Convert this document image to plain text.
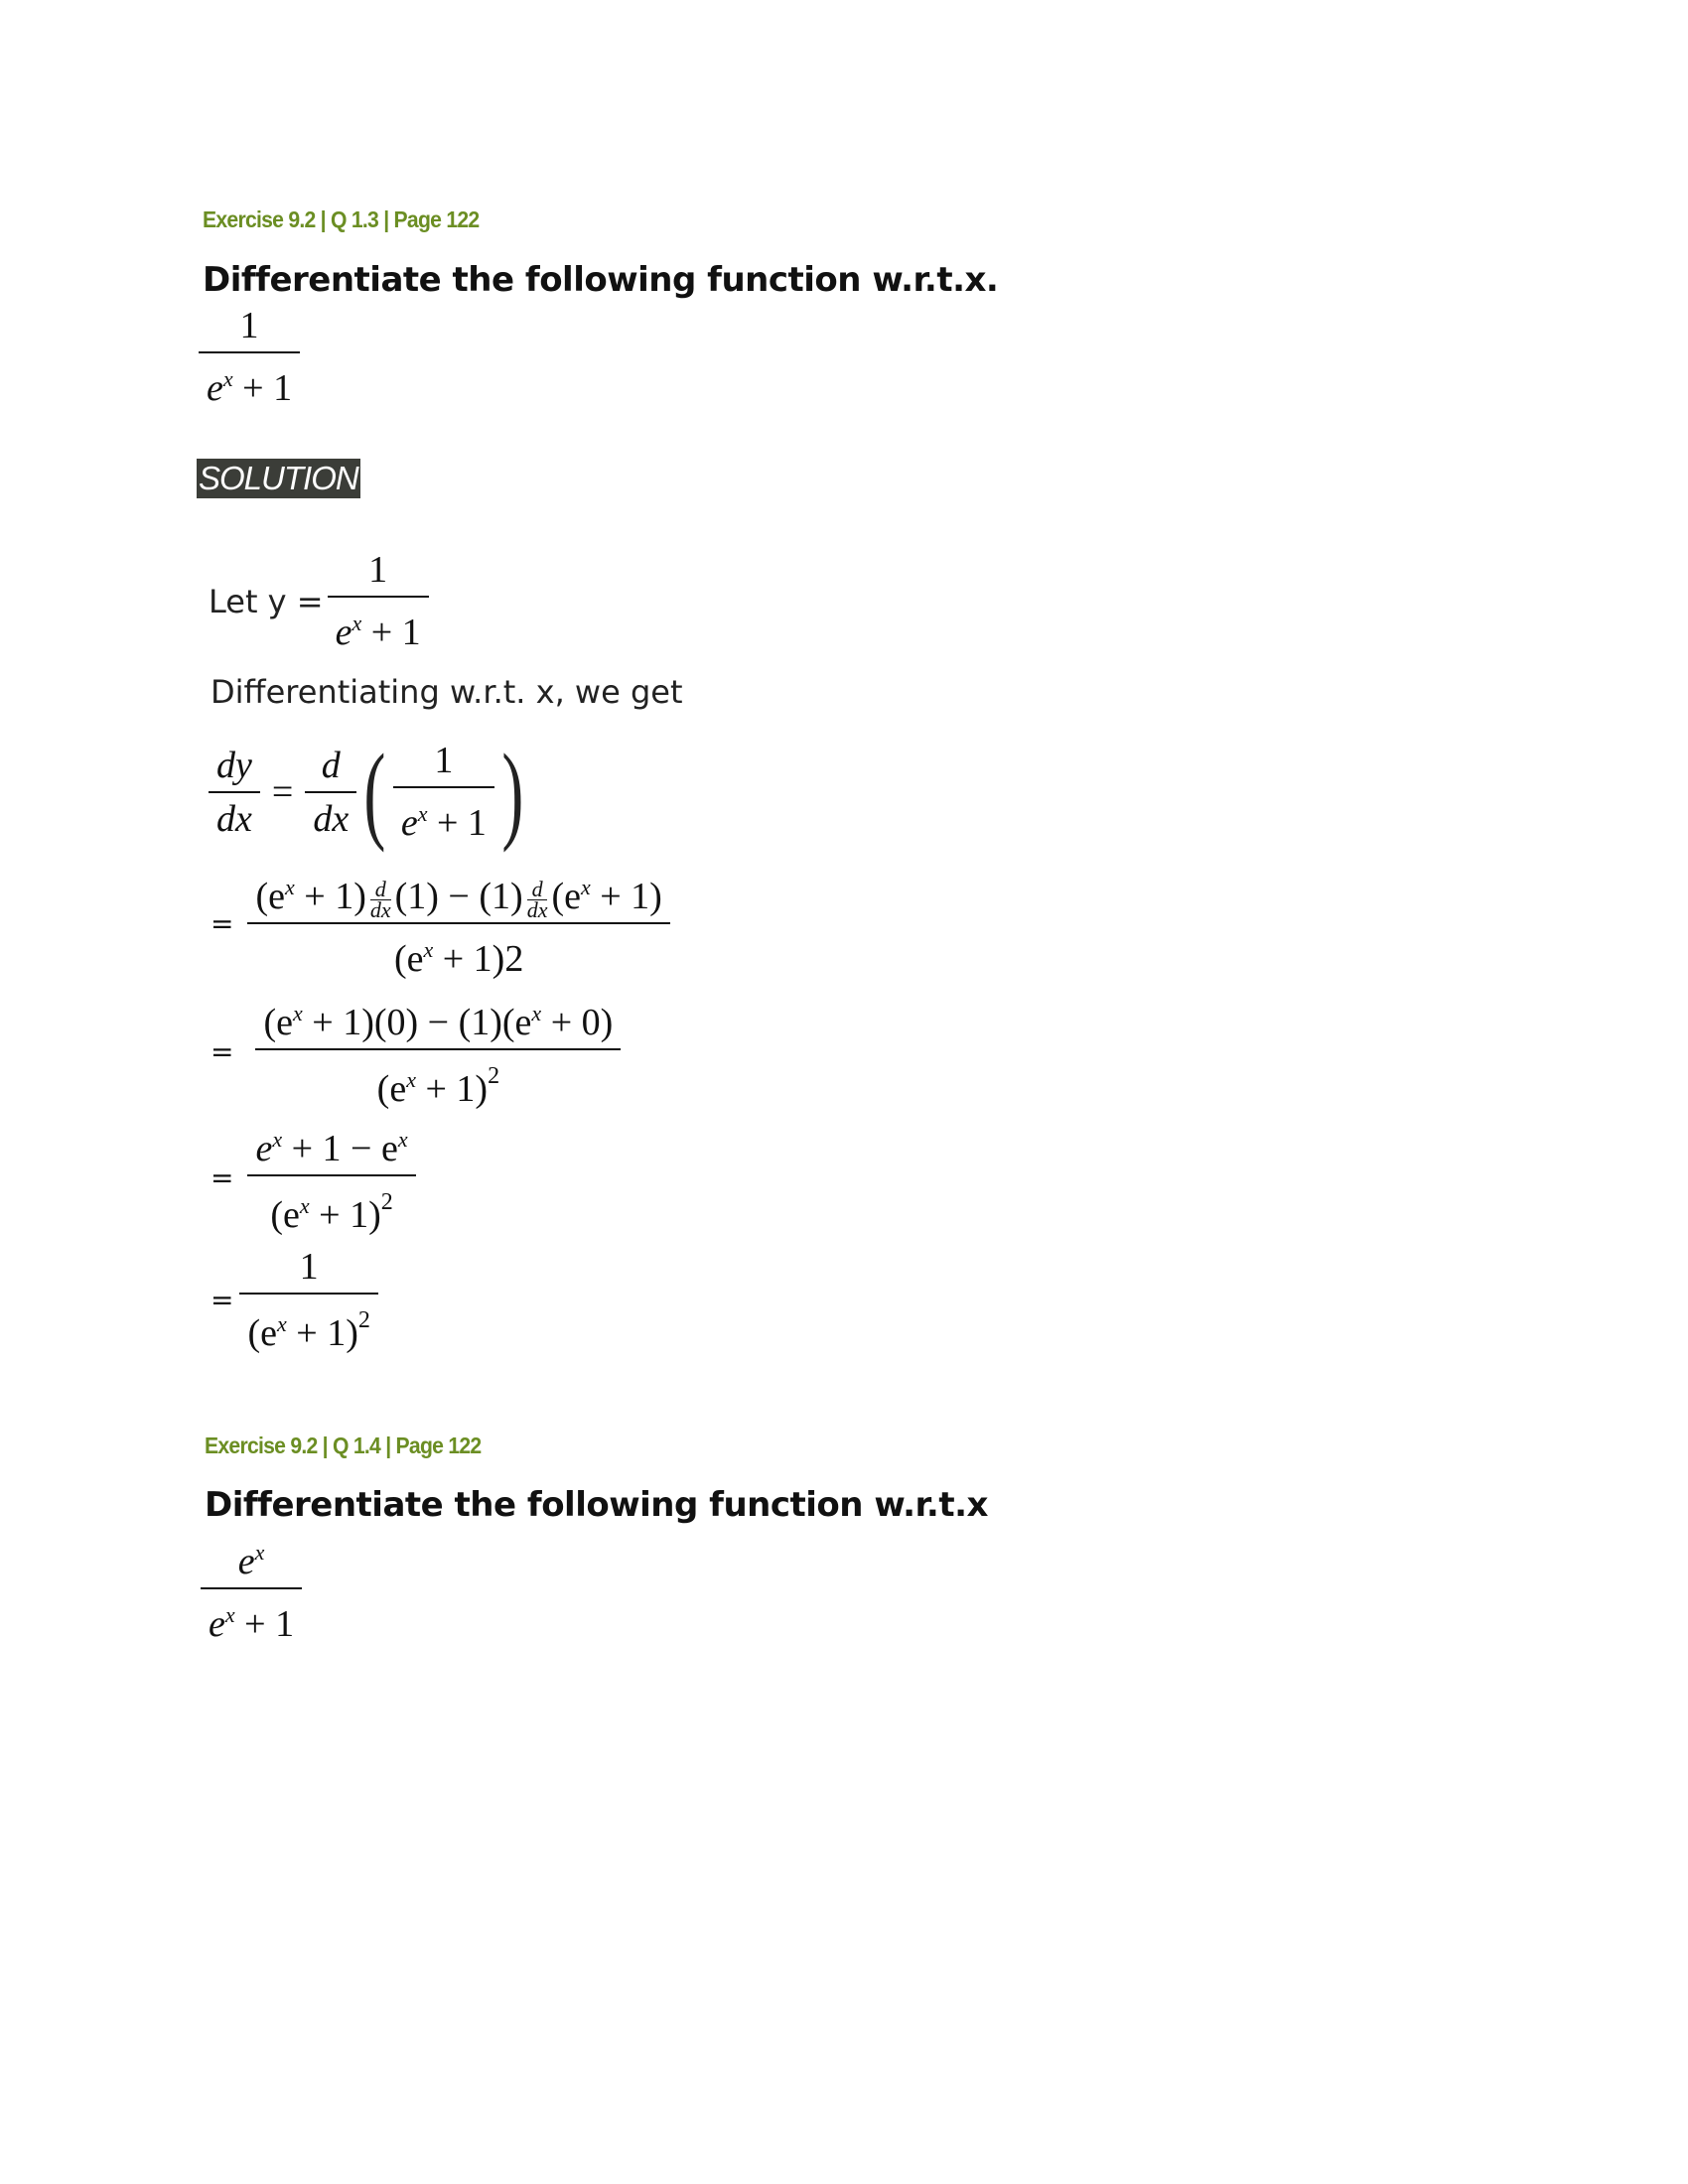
Exercise 9.2 | Q 1.3 | Page 122
Differentiate the following function w.r.t.x.
$\frac{1}{e^x + 1}$
SOLUTION
Let $y = \frac{1}{e^x + 1}$
Differentiating w.r.t. x, we get
$\frac{dy}{dx} = \frac{d}{dx}$ ( $\frac{1}{e^x + 1}$ )
= $\frac{(e^x + 1) \frac{d}{dx} (1) - (1) \frac{d}{dx} (e^x + 1)}{(e^x + 1)2}$
= $\frac{(e^x + 1)(0) - (1)(e^x + 0)}{(e^x + 1)^2}$
= $\frac{e^x + 1 - e^x}{(e^x + 1)^2}$
= $\frac{1}{(e^x + 1)^2}$
Exercise 9.2 | Q 1.4 | Page 122
Differentiate the following function w.r.t.x
$\frac{e^x}{e^x + 1}$
